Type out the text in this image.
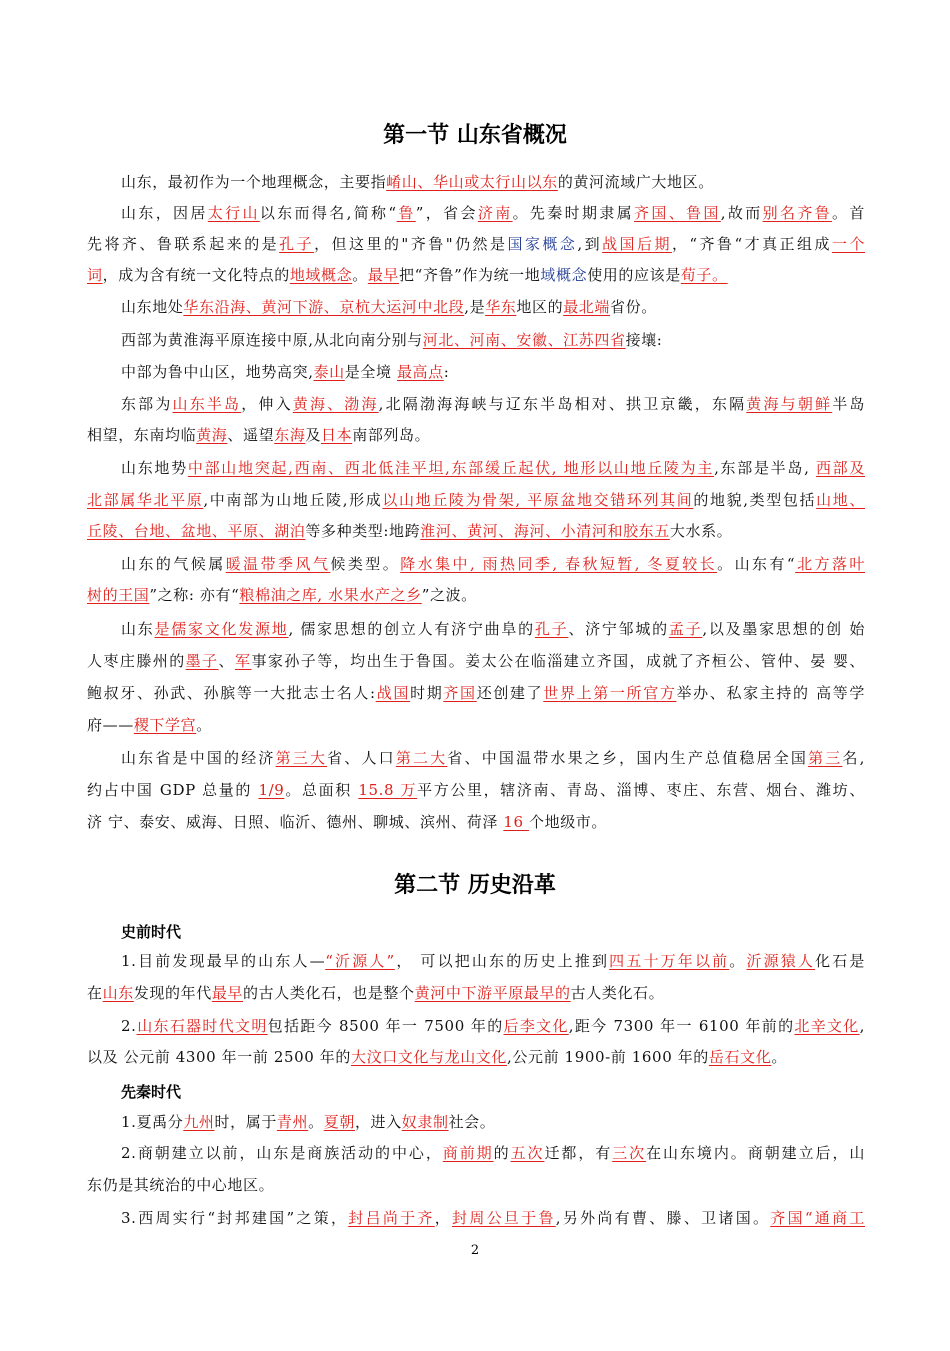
第一节 山东省概况
山东，最初作为一个地理概念，主要指崤山、华山或太行山以东的黄河流域广大地区。
山东，因居太行山以东而得名,简称“鲁”，省会济南。先秦时期隶属齐国、鲁国,故而别名齐鲁。首
先将齐、鲁联系起来的是孔子，但这里的"齐鲁"仍然是国家概念,到战国后期，“齐鲁“才真正组成一个
词，成为含有统一文化特点的地域概念。最早把“齐鲁”作为统一地域概念使用的应该是荀子。
山东地处华东沿海、黄河下游、京杭大运河中北段,是华东地区的最北端省份。
西部为黄淮海平原连接中原,从北向南分别与河北、河南、安徽、江苏四省接壤:
中部为鲁中山区，地势高突,泰山是全境 最高点:
东部为山东半岛，伸入黄海、渤海,北隔渤海海峡与辽东半岛相对、拱卫京畿，东隔黄海与朝鲜半岛
相望，东南均临黄海、遥望东海及日本南部列岛。
山东地势中部山地突起,西南、西北低洼平坦,东部缓丘起伏, 地形以山地丘陵为主,东部是半岛, 西部及
北部属华北平原,中南部为山地丘陵,形成以山地丘陵为骨架, 平原盆地交错环列其间的地貌,类型包括山地、
丘陵、台地、盆地、平原、湖泊等多种类型:地跨淮河、黄河、海河、小清河和胶东五大水系。
山东的气候属暖温带季风气候类型。降水集中, 雨热同季, 春秋短暂, 冬夏较长。山东有“北方落叶
树的王国”之称: 亦有“粮棉油之库, 水果水产之乡”之波。
山东是儒家文化发源地, 儒家思想的创立人有济宁曲阜的孔子、济宁邹城的孟子,以及墨家思想的创 始
人枣庄滕州的墨子、军事家孙子等，均出生于鲁国。姜太公在临淄建立齐国，成就了齐桓公、管仲、晏 婴、
鲍叔牙、孙武、孙膑等一大批志士名人:战国时期齐国还创建了世界上第一所官方举办、私家主持的 高等学
府——稷下学宫。
山东省是中国的经济第三大省、人口第二大省、中国温带水果之乡，国内生产总值稳居全国第三名,
约占中国 GDP 总量的 1/9。总面积 15.8 万平方公里，辖济南、青岛、淄博、枣庄、东营、烟台、潍坊、
济 宁、泰安、威海、日照、临沂、德州、聊城、滨州、荷泽 16 个地级市。
第二节 历史沿革
史前时代
1.目前发现最早的山东人—“沂源人”， 可以把山东的历史上推到四五十万年以前。沂源猿人化石是
在山东发现的年代最早的古人类化石，也是整个黄河中下游平原最早的古人类化石。
2.山东石器时代文明包括距今 8500 年一 7500 年的后李文化,距今 7300 年一 6100 年前的北辛文化,
以及 公元前 4300 年一前 2500 年的大汶口文化与龙山文化,公元前 1900-前 1600 年的岳石文化。
先秦时代
1.夏禹分九州时，属于青州。夏朝，进入奴隶制社会。
2.商朝建立以前，山东是商族活动的中心，商前期的五次迁都，有三次在山东境内。商朝建立后，山
东仍是其统治的中心地区。
3.西周实行“封邦建国”之策，封吕尚于齐，封周公旦于鲁,另外尚有曹、滕、卫诸国。齐国“通商工
2
